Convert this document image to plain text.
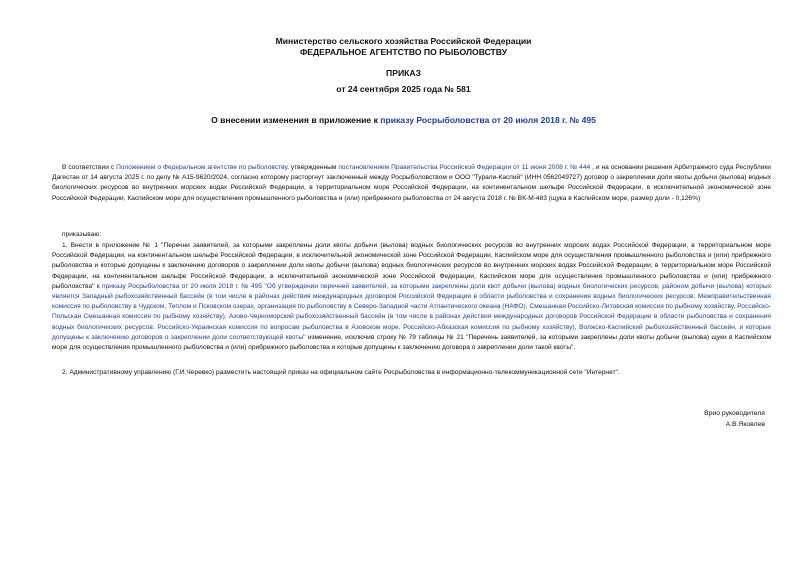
Министерство сельского хозяйства Российской Федерации
ФЕДЕРАЛЬНОЕ АГЕНТСТВО ПО РЫБОЛОВСТВУ
ПРИКАЗ
от 24 сентября 2025 года № 581
О внесении изменения в приложение к приказу Росрыболовства от 20 июля 2018 г. № 495
В соответствии с Положением о Федеральном агентстве по рыболовству, утвержденным постановлением Правительства Российской Федерации от 11 июня 2008 г. № 444 , и на основании решения Арбитражного суда Республики Дагестан от 14 августа 2025 г. по делу № А15-9620/2024, согласно которому расторгнут заключенный между Росрыболовством и ООО "Турали-Каспий" (ИНН 0562049727) договор о закреплении доли квоты добычи (вылова) водных биологических ресурсов во внутренних морских водах Российской Федерации, в территориальном море Российской Федерации, на континентальном шельфе Российской Федерации, в исключительной экономической зоне Российской Федерации, Каспийском море для осуществления промышленного рыболовства и (или) прибрежного рыболовства от 24 августа 2018 г. № ВК-М-483 (щука в Каспийском море, размер доли - 0,126%)
приказываю:
1. Внести в приложение № 1 "Перечни заявителей, за которыми закреплены доли квоты добычи (вылова) водных биологических ресурсов во внутренних морских водах Российской Федерации, в территориальном море Российской Федерации, на континентальном шельфе Российской Федерации, в исключительной экономической зоне Российской Федерации, Каспийском море для осуществления промышленного рыболовства и (или) прибрежного рыболовства и которые допущены к заключению договоров о закреплении доли квоты добычи (вылова) водных биологических ресурсов во внутренних морских водах Российской Федерации, в территориальном море Российской Федерации, на континентальном шельфе Российской Федерации, в исключительной экономической зоне Российской Федерации, Каспийском море для осуществления промышленного рыболовства и (или) прибрежного рыболовства" к приказу Росрыболовства от 20 июля 2018 г. № 495 "Об утверждении перечней заявителей, за которыми закреплены доли квот добычи (вылова) водных биологических ресурсов, районом добычи (вылова) которых является Западный рыбохозяйственный бассейн (в том числе в районах действия международных договоров Российской Федерации в области рыболовства и сохранения водных биологических ресурсов: Межправительственная комиссия по рыболовству в Чудском, Теплом и Псковском озерах, организация по рыболовству в Северо-Западной части Атлантического океана (НАФО), Смешанная Российско-Литовская комиссия по рыбному хозяйству, Российско-Польская Смешанная комиссия по рыбному хозяйству), Азово-Черноморский рыбохозяйственный бассейн (в том числе в районах действия международных договоров Российской Федерации в области рыболовства и сохранения водных биологических ресурсов: Российско-Украинская комиссия по вопросам рыболовства в Азовском море, Российско-Абхазская комиссия по рыбному хозяйству), Волжско-Каспийский рыбохозяйственный бассейн, и которые допущены к заключению договоров о закреплении доли соответствующей квоты" изменение, исключив строку № 79 таблицы № 21 "Перечень заявителей, за которыми закреплены доли квоты добычи (вылова) щуки в Каспийском море для осуществления промышленного рыболовства и (или) прибрежного рыболовства и которые допущены к заключению договора о закреплении доли такой квоты".
2. Административному управлению (Г.И.Черевко) разместить настоящий приказ на официальном сайте Росрыболовства в информационно-телекоммуникационной сети "Интернет".
Врио руководителя
А.В.Яковлев
